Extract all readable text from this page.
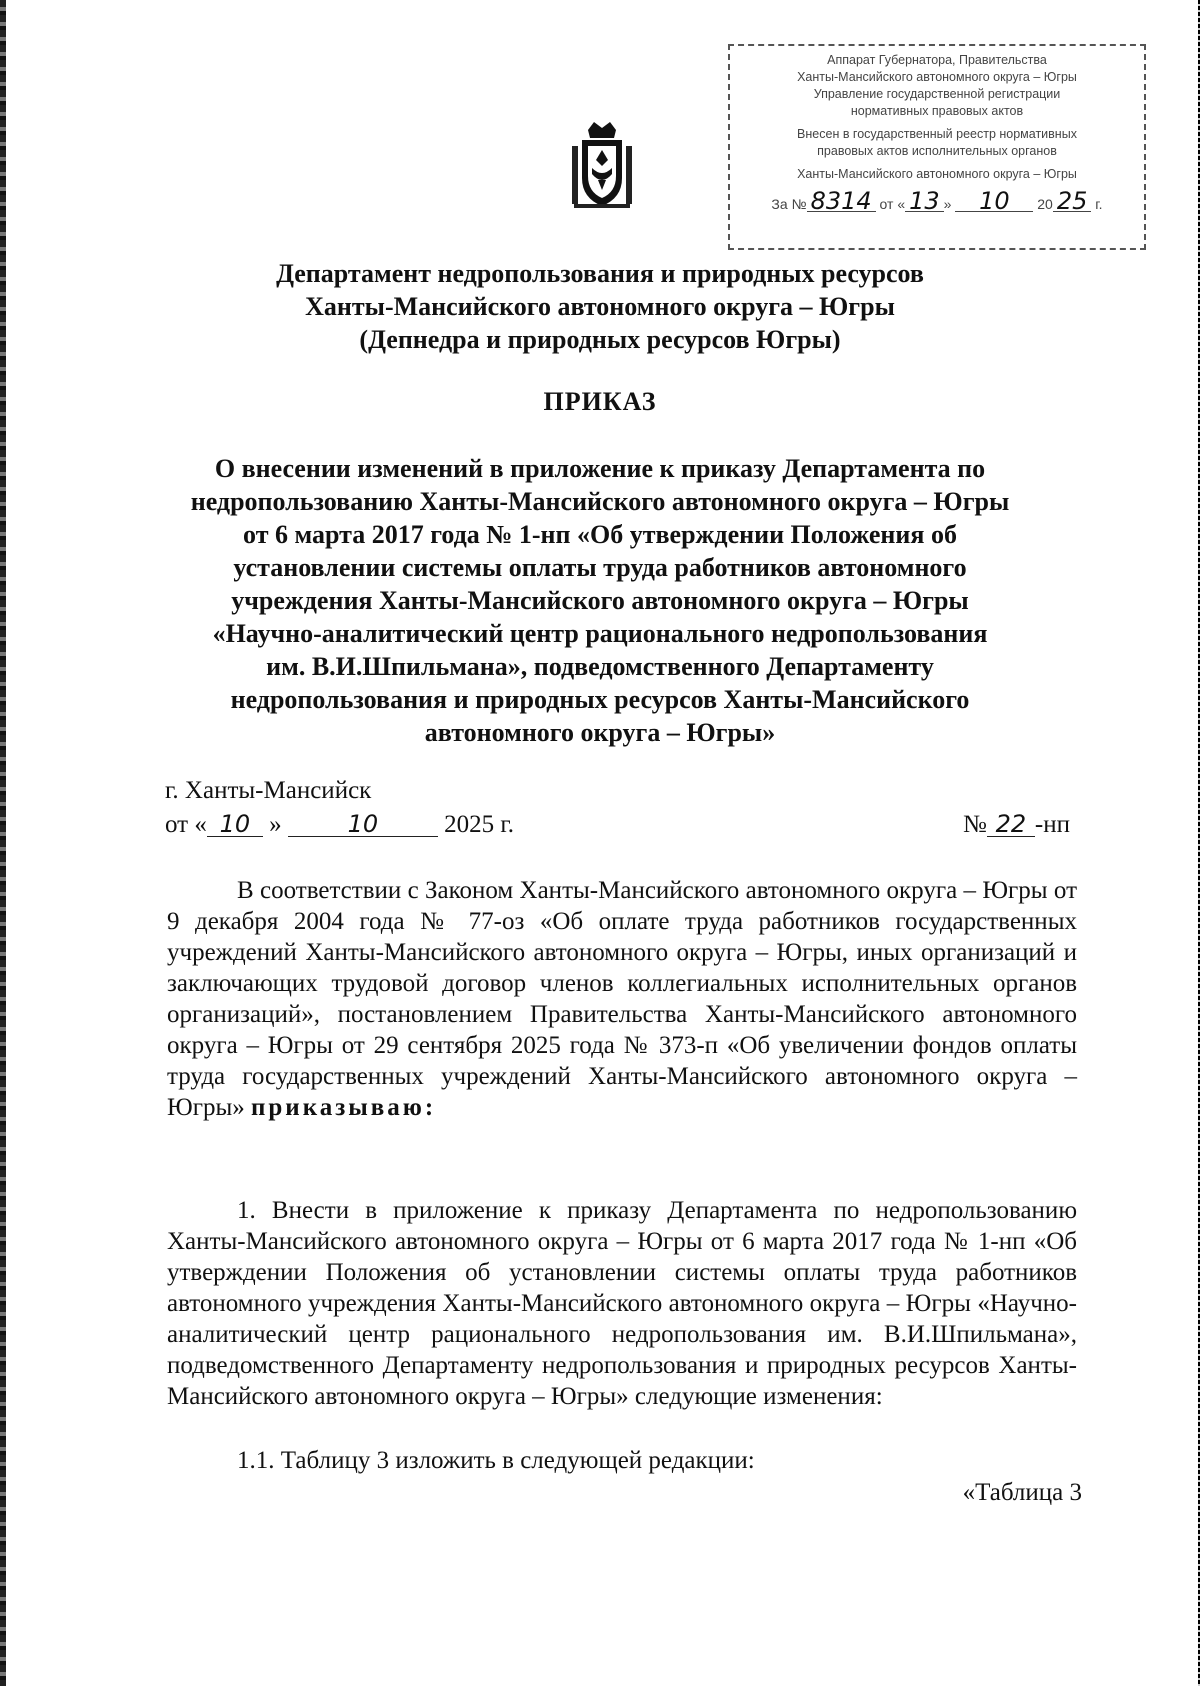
Аппарат Губернатора, Правительства
Ханты-Мансийского автономного округа – Югры
Управление государственной регистрации
нормативных правовых актов
Внесен в государственный реестр нормативных
правовых актов исполнительных органов
Ханты-Мансийского автономного округа – Югры
За № 8314 от « 13 » 10 20 25 г.
Департамент недропользования и природных ресурсов
Ханты-Мансийского автономного округа – Югры
(Депнедра и природных ресурсов Югры)
ПРИКАЗ
О внесении изменений в приложение к приказу Департамента по
недропользованию Ханты-Мансийского автономного округа – Югры
от 6 марта 2017 года № 1-нп «Об утверждении Положения об
установлении системы оплаты труда работников автономного
учреждения Ханты-Мансийского автономного округа – Югры
«Научно-аналитический центр рационального недропользования
им. В.И.Шпильмана», подведомственного Департаменту
недропользования и природных ресурсов Ханты-Мансийского
автономного округа – Югры»
г. Ханты-Мансийск
от « 10 »	10	2025 г.	№ 22 -нп
В соответствии с Законом Ханты-Мансийского автономного округа – Югры от 9 декабря 2004 года № 77-оз «Об оплате труда работников государственных учреждений Ханты-Мансийского автономного округа – Югры, иных организаций и заключающих трудовой договор членов коллегиальных исполнительных органов организаций», постановлением Правительства Ханты-Мансийского автономного округа – Югры от 29 сентября 2025 года № 373-п «Об увеличении фондов оплаты труда государственных учреждений Ханты-Мансийского автономного округа – Югры» приказываю:
1. Внести в приложение к приказу Департамента по недропользованию Ханты-Мансийского автономного округа – Югры от 6 марта 2017 года № 1-нп «Об утверждении Положения об установлении системы оплаты труда работников автономного учреждения Ханты-Мансийского автономного округа – Югры «Научно-аналитический центр рационального недропользования им. В.И.Шпильмана», подведомственного Департаменту недропользования и природных ресурсов Ханты-Мансийского автономного округа – Югры» следующие изменения:
1.1. Таблицу 3 изложить в следующей редакции:
«Таблица 3
